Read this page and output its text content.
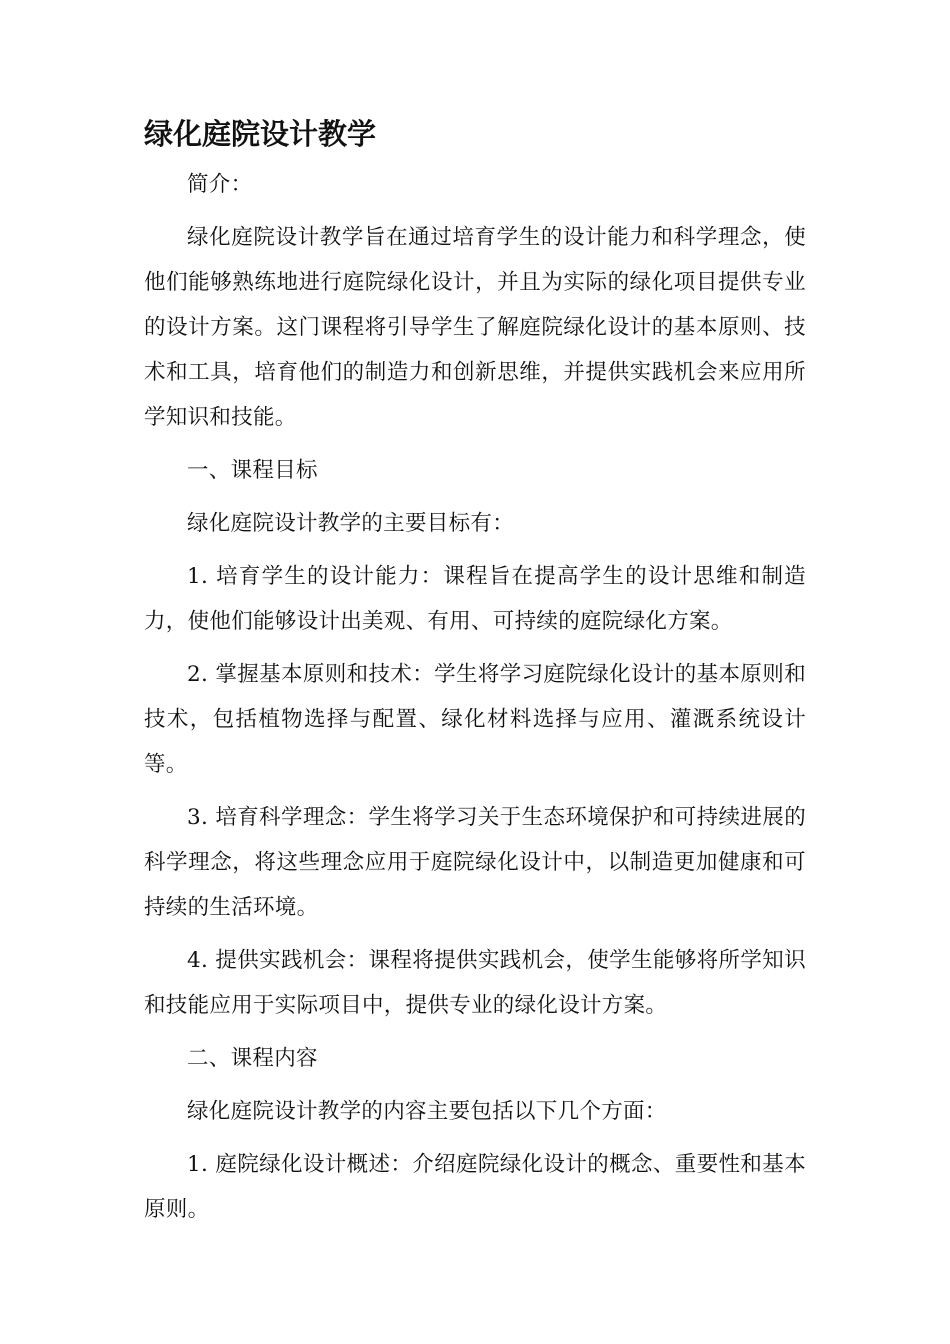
绿化庭院设计教学

简介：

绿化庭院设计教学旨在通过培育学生的设计能力和科学理念，使他们能够熟练地进行庭院绿化设计，并且为实际的绿化项目提供专业的设计方案。这门课程将引导学生了解庭院绿化设计的基本原则、技术和工具，培育他们的制造力和创新思维，并提供实践机会来应用所学知识和技能。

一、课程目标

绿化庭院设计教学的主要目标有：

1. 培育学生的设计能力：课程旨在提高学生的设计思维和制造力，使他们能够设计出美观、有用、可持续的庭院绿化方案。

2. 掌握基本原则和技术：学生将学习庭院绿化设计的基本原则和技术，包括植物选择与配置、绿化材料选择与应用、灌溉系统设计等。

3. 培育科学理念：学生将学习关于生态环境保护和可持续进展的科学理念，将这些理念应用于庭院绿化设计中，以制造更加健康和可持续的生活环境。

4. 提供实践机会：课程将提供实践机会，使学生能够将所学知识和技能应用于实际项目中，提供专业的绿化设计方案。

二、课程内容

绿化庭院设计教学的内容主要包括以下几个方面：

1. 庭院绿化设计概述：介绍庭院绿化设计的概念、重要性和基本原则。
